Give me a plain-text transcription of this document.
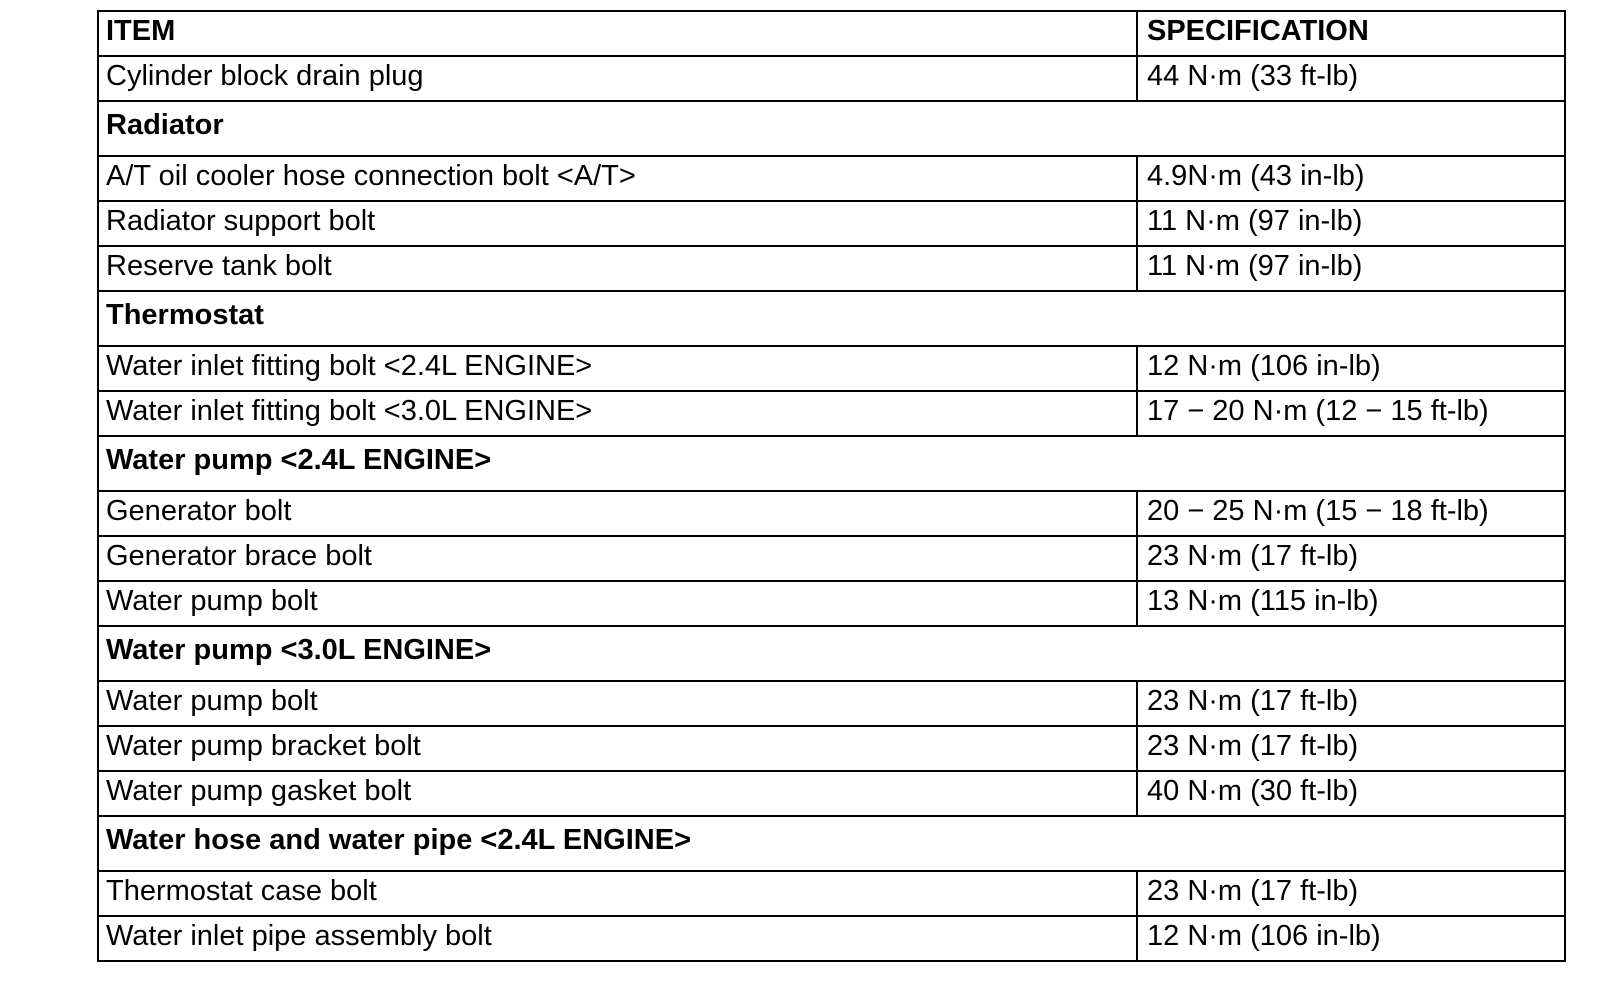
ITEM	SPECIFICATION
Cylinder block drain plug	44 N·m (33 ft-lb)
Radiator	
A/T oil cooler hose connection bolt <A/T>	4.9N·m (43 in-lb)
Radiator support bolt	11 N·m (97 in-lb)
Reserve tank bolt	11 N·m (97 in-lb)
Thermostat	
Water inlet fitting bolt <2.4L ENGINE>	12 N·m (106 in-lb)
Water inlet fitting bolt <3.0L ENGINE>	17 − 20 N·m (12 − 15 ft-lb)
Water pump <2.4L ENGINE>	
Generator bolt	20 − 25 N·m (15 − 18 ft-lb)
Generator brace bolt	23 N·m (17 ft-lb)
Water pump bolt	13 N·m (115 in-lb)
Water pump <3.0L ENGINE>	
Water pump bolt	23 N·m (17 ft-lb)
Water pump bracket bolt	23 N·m (17 ft-lb)
Water pump gasket bolt	40 N·m (30 ft-lb)
Water hose and water pipe <2.4L ENGINE>	
Thermostat case bolt	23 N·m (17 ft-lb)
Water inlet pipe assembly bolt	12 N·m (106 in-lb)
